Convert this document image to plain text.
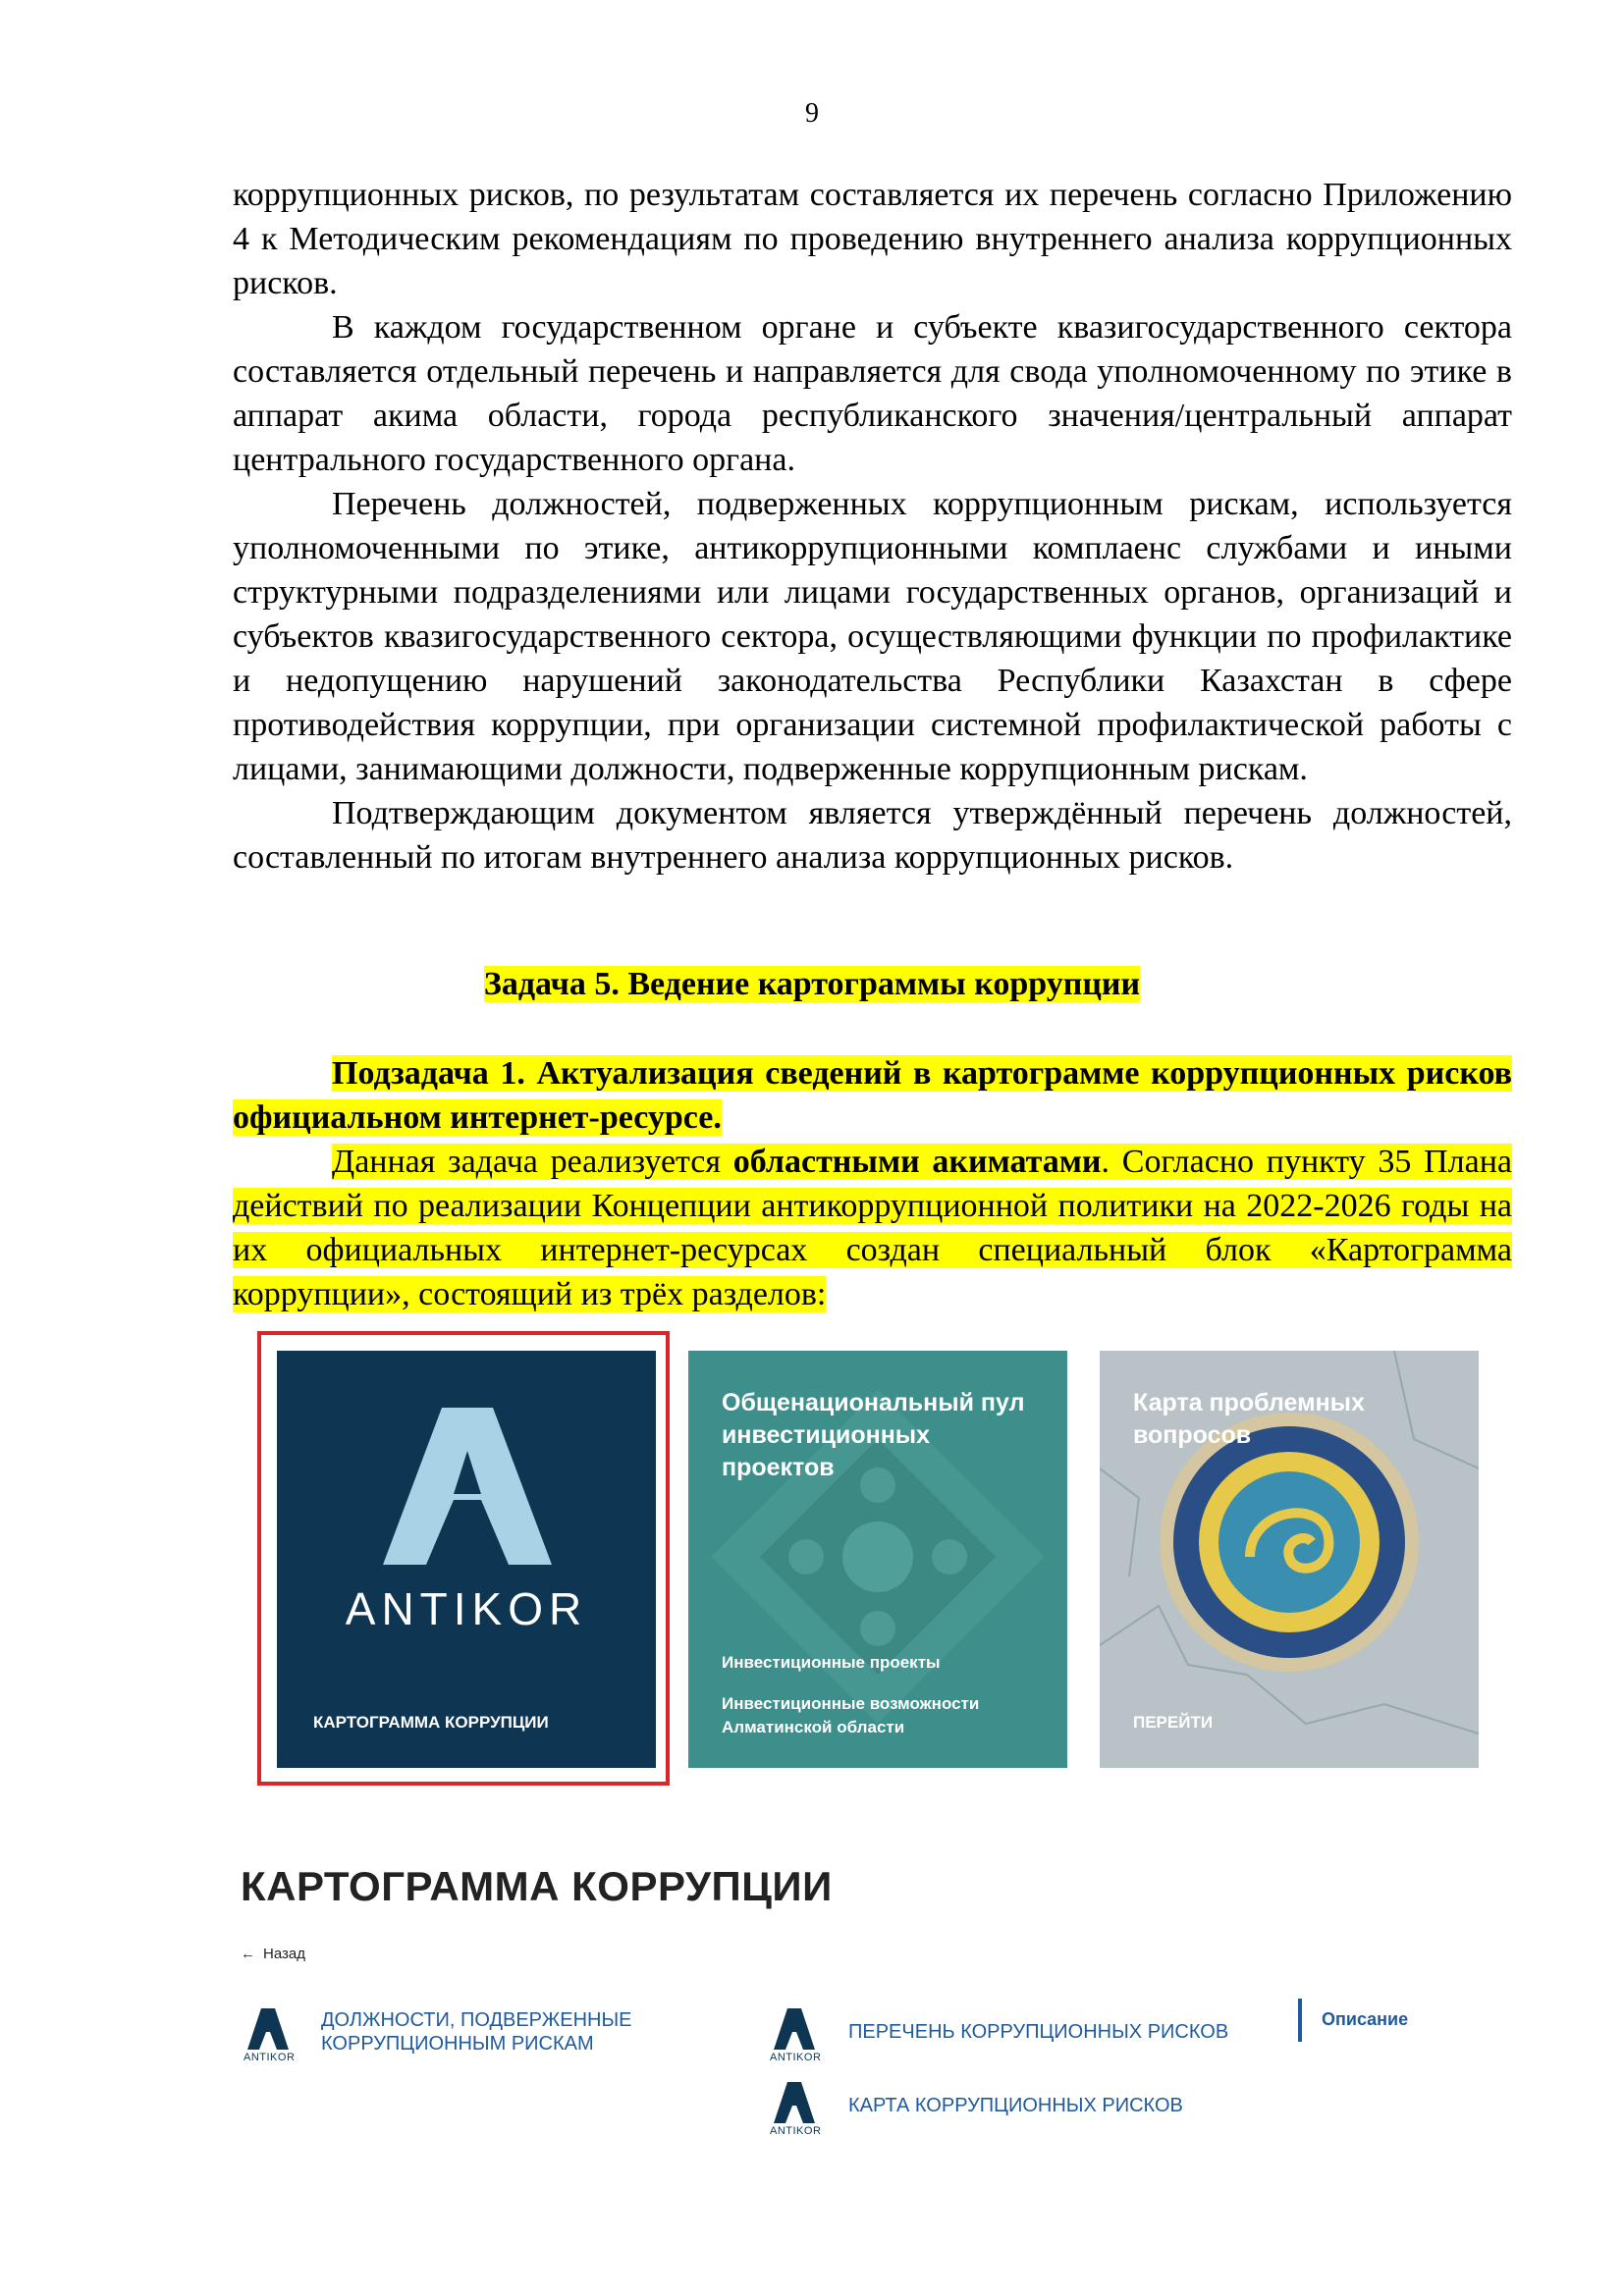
9

коррупционных рисков, по результатам составляется их перечень согласно Приложению 4 к Методическим рекомендациям по проведению внутреннего анализа коррупционных рисков.

В каждом государственном органе и субъекте квазигосударственного сектора составляется отдельный перечень и направляется для свода уполномоченному по этике в аппарат акима области, города республиканского значения/центральный аппарат центрального государственного органа.

Перечень должностей, подверженных коррупционным рискам, используется уполномоченными по этике, антикоррупционными комплаенс службами и иными структурными подразделениями или лицами государственных органов, организаций и субъектов квазигосударственного сектора, осуществляющими функции по профилактике и недопущению нарушений законодательства Республики Казахстан в сфере противодействия коррупции, при организации системной профилактической работы с лицами, занимающими должности, подверженные коррупционным рискам.

Подтверждающим документом является утверждённый перечень должностей, составленный по итогам внутреннего анализа коррупционных рисков.

Задача 5. Ведение картограммы коррупции

Подзадача 1. Актуализация сведений в картограмме коррупционных рисков официальном интернет-ресурсе.

Данная задача реализуется областными акиматами. Согласно пункту 35 Плана действий по реализации Концепции антикоррупционной политики на 2022-2026 годы на их официальных интернет-ресурсах создан специальный блок «Картограмма коррупции», состоящий из трёх разделов:

ANTIKOR
КАРТОГРАММА КОРРУПЦИИ
Общенациональный пул инвестиционных проектов
Инвестиционные проекты
Инвестиционные возможности Алматинской области
Карта проблемных вопросов
ПЕРЕЙТИ
КАРТОГРАММА КОРРУПЦИИ
← Назад
ANTIKOR
ДОЛЖНОСТИ, ПОДВЕРЖЕННЫЕ КОРРУПЦИОННЫМ РИСКАМ
ANTIKOR
ПЕРЕЧЕНЬ КОРРУПЦИОННЫХ РИСКОВ
ANTIKOR
КАРТА КОРРУПЦИОННЫХ РИСКОВ
Описание
